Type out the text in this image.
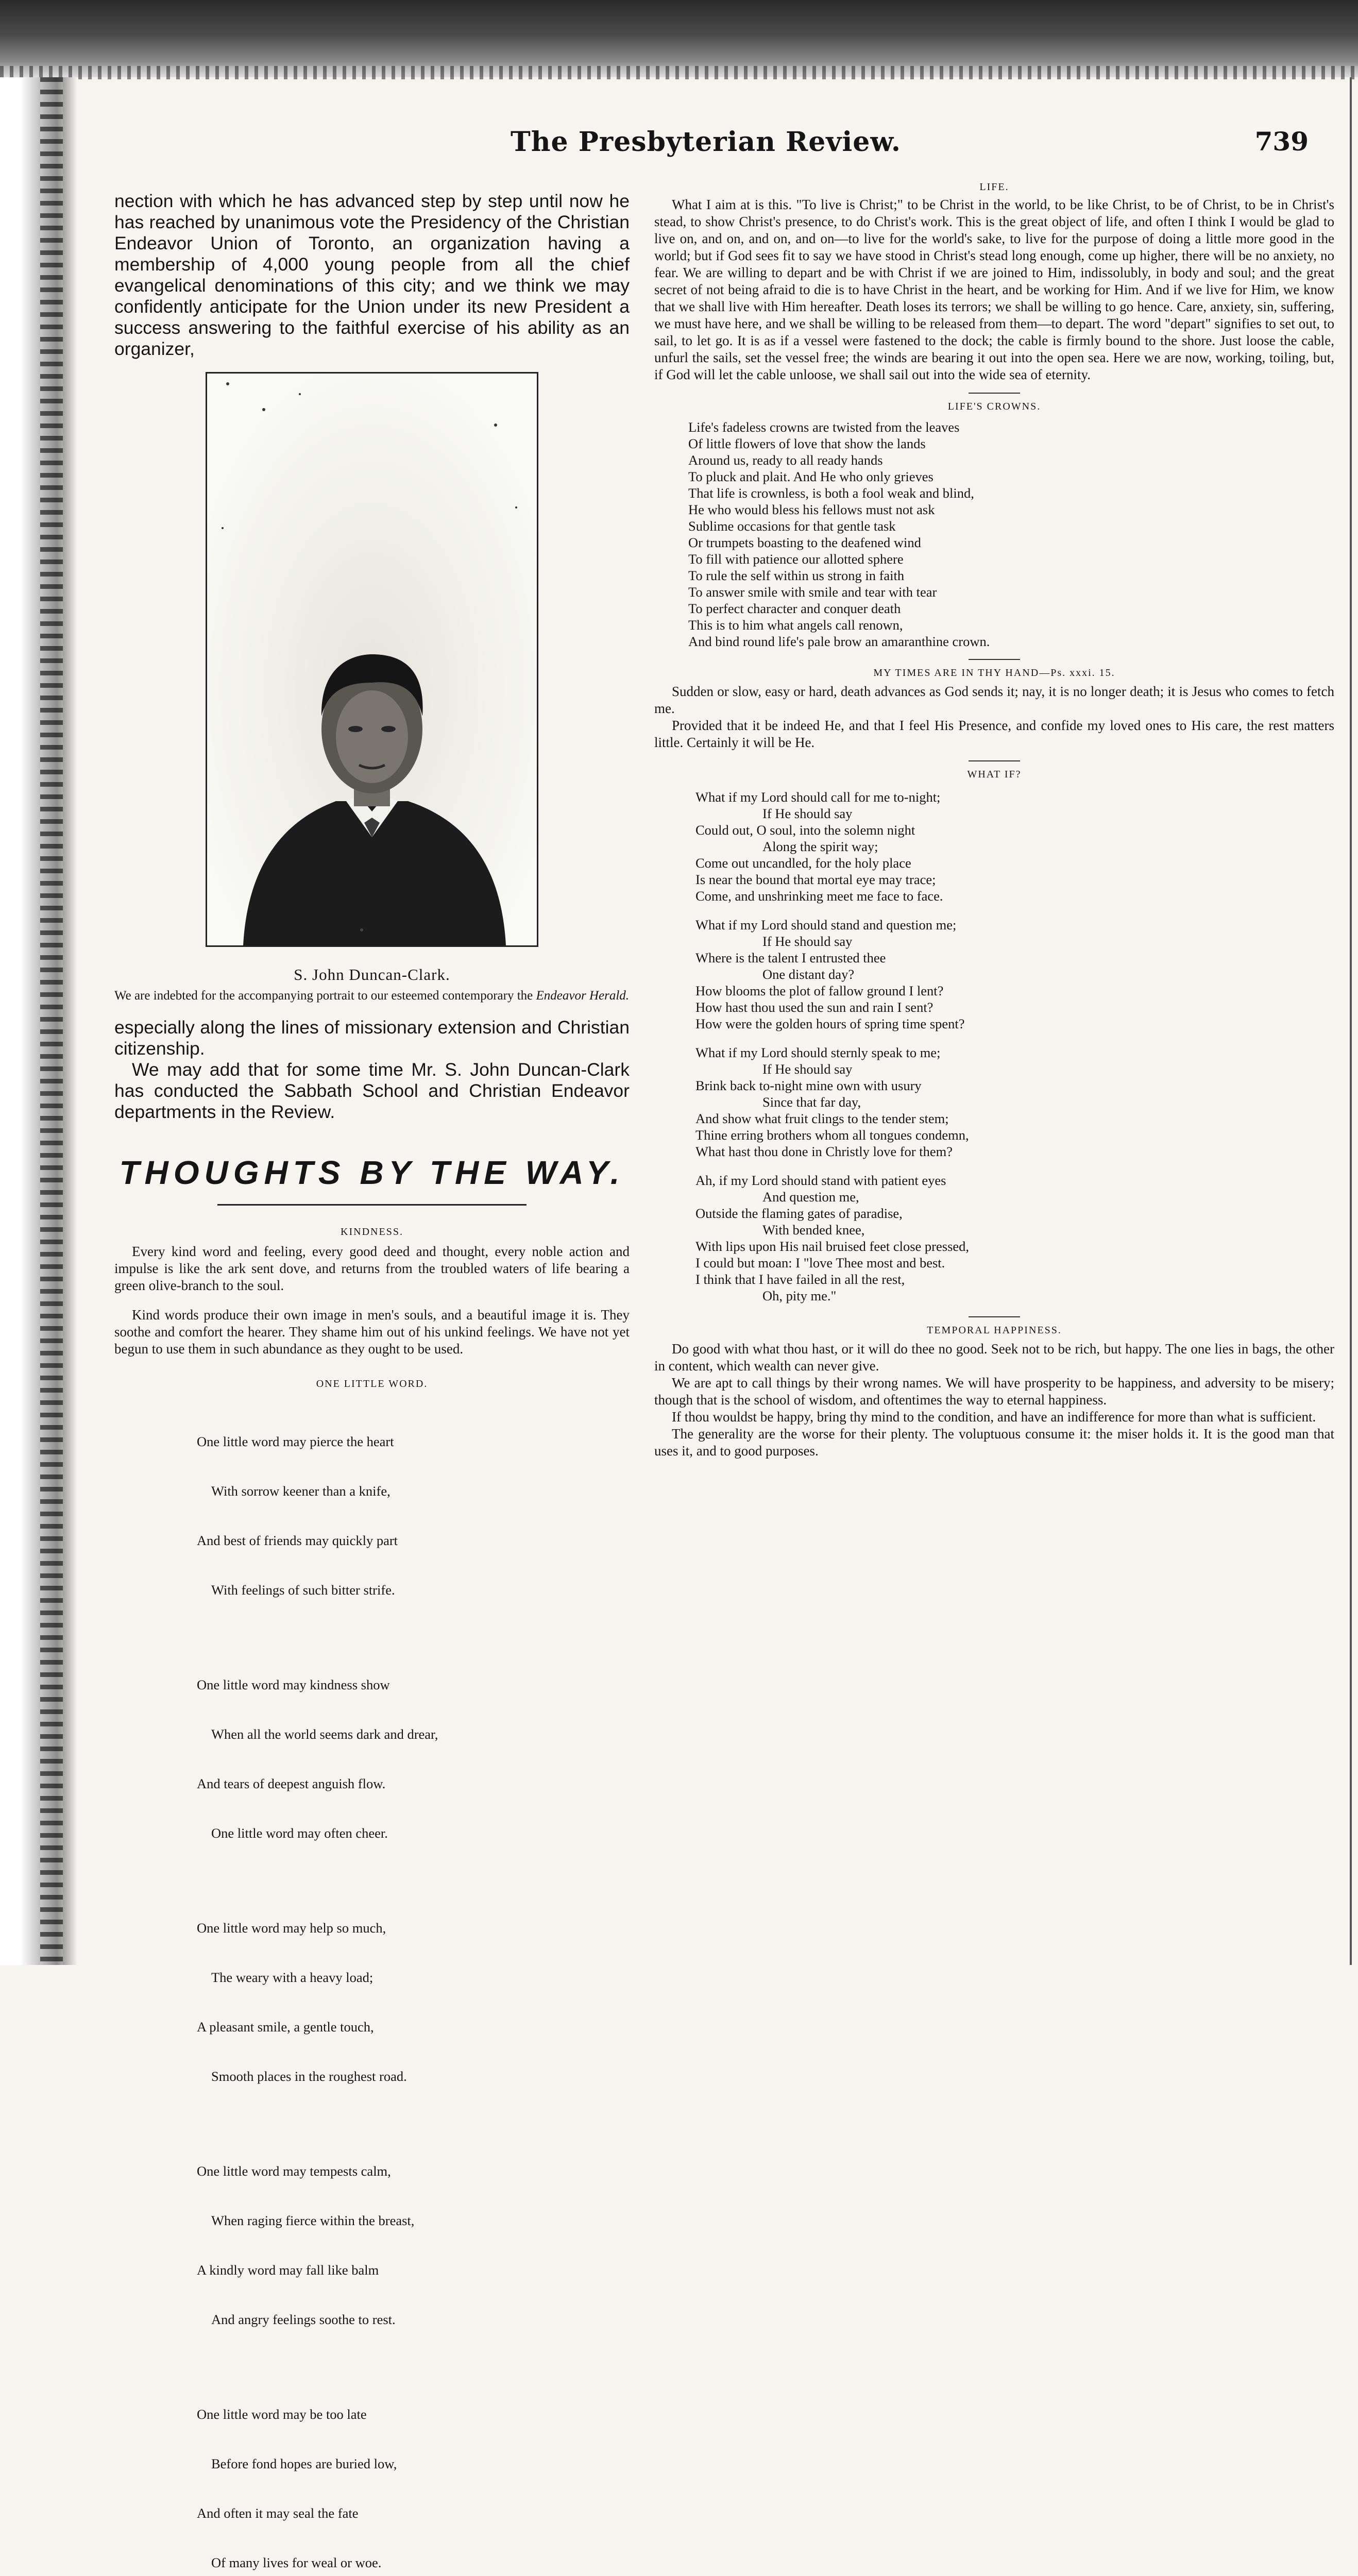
The Presbyterian Review.	739

nection with which he has advanced step by step until now he has reached by unanimous vote the Presidency of the Christian Endeavor Union of Toronto, an organization having a membership of 4,000 young people from all the chief evangelical denominations of this city; and we think we may confidently anticipate for the Union under its new President a success answering to the faithful exercise of his ability as an organizer,

S. John Duncan-Clark.

We are indebted for the accompanying portrait to our esteemed contemporary the Endeavor Herald.

especially along the lines of missionary extension and Christian citizenship.

We may add that for some time Mr. S. John Duncan-Clark has conducted the Sabbath School and Christian Endeavor departments in the Review.

THOUGHTS BY THE WAY.
KINDNESS.

Every kind word and feeling, every good deed and thought, every noble action and impulse is like the ark sent dove, and returns from the troubled waters of life bearing a green olive-branch to the soul.

Kind words produce their own image in men's souls, and a beautiful image it is. They soothe and comfort the hearer. They shame him out of his unkind feelings. We have not yet begun to use them in such abundance as they ought to be used.

ONE LITTLE WORD.

One little word may pierce the heart

With sorrow keener than a knife,

And best of friends may quickly part

With feelings of such bitter strife.

One little word may kindness show

When all the world seems dark and drear,

And tears of deepest anguish flow.

One little word may often cheer.

One little word may help so much,

The weary with a heavy load;

A pleasant smile, a gentle touch,

Smooth places in the roughest road.

One little word may tempests calm,

When raging fierce within the breast,

A kindly word may fall like balm

And angry feelings soothe to rest.

One little word may be too late

Before fond hopes are buried low,

And often it may seal the fate

Of many lives for weal or woe.

LIFE.

What I aim at is this. "To live is Christ;" to be Christ in the world, to be like Christ, to be of Christ, to be in Christ's stead, to show Christ's presence, to do Christ's work. This is the great object of life, and often I think I would be glad to live on, and on, and on, and on—to live for the world's sake, to live for the purpose of doing a little more good in the world; but if God sees fit to say we have stood in Christ's stead long enough, come up higher, there will be no anxiety, no fear. We are willing to depart and be with Christ if we are joined to Him, indissolubly, in body and soul; and the great secret of not being afraid to die is to have Christ in the heart, and be working for Him. And if we live for Him, we know that we shall live with Him hereafter. Death loses its terrors; we shall be willing to go hence. Care, anxiety, sin, suffering, we must have here, and we shall be willing to be released from them—to depart. The word "depart" signifies to set out, to sail, to let go. It is as if a vessel were fastened to the dock; the cable is firmly bound to the shore. Just loose the cable, unfurl the sails, set the vessel free; the winds are bearing it out into the open sea. Here we are now, working, toiling, but, if God will let the cable unloose, we shall sail out into the wide sea of eternity.

LIFE'S CROWNS.
Life's fadeless crowns are twisted from the leaves
Of little flowers of love that show the lands
Around us, ready to all ready hands
To pluck and plait. And He who only grieves
That life is crownless, is both a fool weak and blind,
He who would bless his fellows must not ask
Sublime occasions for that gentle task
Or trumpets boasting to the deafened wind
To fill with patience our allotted sphere
To rule the self within us strong in faith
To answer smile with smile and tear with tear
To perfect character and conquer death
This is to him what angels call renown,
And bind round life's pale brow an amaranthine crown.
MY TIMES ARE IN THY HAND—Ps. xxxi. 15.

Sudden or slow, easy or hard, death advances as God sends it; nay, it is no longer death; it is Jesus who comes to fetch me.

Provided that it be indeed He, and that I feel His Presence, and confide my loved ones to His care, the rest matters little. Certainly it will be He.

WHAT IF?
What if my Lord should call for me to-night;
If He should say
Could out, O soul, into the solemn night
Along the spirit way;
Come out uncandled, for the holy place
Is near the bound that mortal eye may trace;
Come, and unshrinking meet me face to face.
What if my Lord should stand and question me;
If He should say
Where is the talent I entrusted thee
One distant day?
How blooms the plot of fallow ground I lent?
How hast thou used the sun and rain I sent?
How were the golden hours of spring time spent?
What if my Lord should sternly speak to me;
If He should say
Brink back to-night mine own with usury
Since that far day,
And show what fruit clings to the tender stem;
Thine erring brothers whom all tongues condemn,
What hast thou done in Christly love for them?
Ah, if my Lord should stand with patient eyes
And question me,
Outside the flaming gates of paradise,
With bended knee,
With lips upon His nail bruised feet close pressed,
I could but moan: I "love Thee most and best.
I think that I have failed in all the rest,
Oh, pity me."
TEMPORAL HAPPINESS.

Do good with what thou hast, or it will do thee no good. Seek not to be rich, but happy. The one lies in bags, the other in content, which wealth can never give.

We are apt to call things by their wrong names. We will have prosperity to be happiness, and adversity to be misery; though that is the school of wisdom, and oftentimes the way to eternal happiness.

If thou wouldst be happy, bring thy mind to the condition, and have an indifference for more than what is sufficient.

The generality are the worse for their plenty. The voluptuous consume it: the miser holds it. It is the good man that uses it, and to good purposes.
